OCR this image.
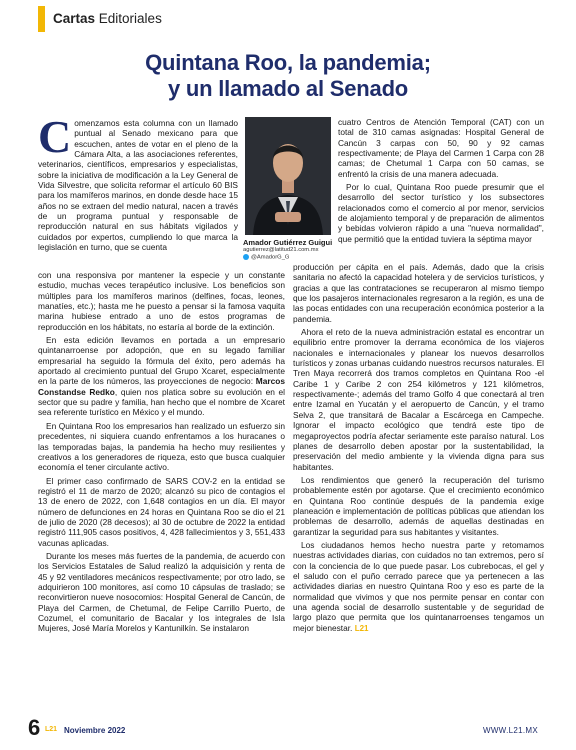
Cartas Editoriales
Quintana Roo, la pandemia;
y un llamado al Senado

Comenzamos esta columna con un llamado puntual al Senado mexicano para que escuchen, antes de votar en el pleno de la Cámara Alta, a las asociaciones referentes, veterinarios, científicos, empresarios y especialistas, sobre la iniciativa de modificación a la Ley General de Vida Silvestre, que solicita reformar el artículo 60 BIS para los mamíferos marinos, en donde desde hace 15 años no se extraen del medio natural, nacen a través de un programa puntual y responsable de reproducción natural en sus hábitats vigilados y cuidados por expertos, cumpliendo lo que marca la legislación en turno, que se cuenta	Amador Gutiérrez Guigui
agutierrez@latitud21.com.mx
@AmadorG_G

con una responsiva por mantener la especie y un constante estudio, muchas veces terapéutico inclusive. Los beneficios son múltiples para los mamíferos marinos (delfines, focas, leones, manatíes, etc.); hasta me he puesto a pensar si la famosa vaquita marina hubiese entrado a uno de estos programas de reproducción en los hábitats, no estaría al borde de la extinción.

En esta edición llevamos en portada a un empresario quintanarroense por adopción, que en su legado familiar empresarial ha seguido la fórmula del éxito, pero además ha aportado al crecimiento puntual del Grupo Xcaret, especialmente en la parte de los números, las proyecciones de negocio: Marcos Constandse Redko, quien nos platica sobre su evolución en el sector que su padre y familia, han hecho que el nombre de Xcaret sea referente turístico en México y el mundo.

En Quintana Roo los empresarios han realizado un esfuerzo sin precedentes, ni siquiera cuando enfrentamos a los huracanes o las temporadas bajas, la pandemia ha hecho muy resilientes y creativos a los generadores de riqueza, esto que busca cualquier economía el tener circulante activo.

El primer caso confirmado de SARS COV-2 en la entidad se registró el 11 de marzo de 2020; alcanzó su pico de contagios el 13 de enero de 2022, con 1,648 contagios en un día. El mayor número de defunciones en 24 horas en Quintana Roo se dio el 21 de julio de 2020 (28 decesos); al 30 de octubre de 2022 la entidad registró 111,905 casos positivos, 4, 428 fallecimientos y 3, 551,433 vacunas aplicadas.

Durante los meses más fuertes de la pandemia, de acuerdo con los Servicios Estatales de Salud realizó la adquisición y renta de 45 y 92 ventiladores mecánicos respectivamente; por otro lado, se adquirieron 100 monitores, así como 10 cápsulas de traslado; se reconvirtieron nueve nosocomios: Hospital General de Cancún, de Playa del Carmen, de Chetumal, de Felipe Carrillo Puerto, de Cozumel, el comunitario de Bacalar y los integrales de Isla Mujeres, José María Morelos y Kantunilkín. Se instalaron

cuatro Centros de Atención Temporal (CAT) con un total de 310 camas asignadas: Hospital General de Cancún 3 carpas con 50, 90 y 92 camas respectivamente; de Playa del Carmen 1 Carpa con 28 camas; de Chetumal 1 Carpa con 50 camas, se enfrentó la crisis de una manera adecuada.

Por lo cual, Quintana Roo puede presumir que el desarrollo del sector turístico y los subsectores relacionados como el comercio al por menor, servicios de alojamiento temporal y de preparación de alimentos y bebidas volvieron rápido a una "nueva normalidad", que permitió que la entidad tuviera la séptima mayor

producción per cápita en el país. Además, dado que la crisis sanitaria no afectó la capacidad hotelera y de servicios turísticos, y gracias a que las contrataciones se recuperaron al mismo tiempo que los pasajeros internacionales regresaron a la región, es una de las pocas entidades con una recuperación económica posterior a la pandemia.

Ahora el reto de la nueva administración estatal es encontrar un equilibrio entre promover la derrama económica de los viajeros nacionales e internacionales y planear los nuevos desarrollos turísticos y zonas urbanas cuidando nuestros recursos naturales. El Tren Maya recorrerá dos tramos completos en Quintana Roo -el Caribe 1 y Caribe 2 con 254 kilómetros y 121 kilómetros, respectivamente-; además del tramo Golfo 4 que conectará al tren entre Izamal en Yucatán y el aeropuerto de Cancún, y el tramo Selva 2, que transitará de Bacalar a Escárcega en Campeche. Ignorar el impacto ecológico que tendrá este tipo de megaproyectos podría afectar seriamente este paraíso natural. Los planes de desarrollo deben apostar por la sustentabilidad, la preservación del medio ambiente y la vivienda digna para sus habitantes.

Los rendimientos que generó la recuperación del turismo probablemente estén por agotarse. Que el crecimiento económico en Quintana Roo continúe después de la pandemia exige planeación e implementación de políticas públicas que atiendan los problemas de desarrollo, además de aquellas destinadas en garantizar la seguridad para sus habitantes y visitantes.

Los ciudadanos hemos hecho nuestra parte y retomamos nuestras actividades diarias, con cuidados no tan extremos, pero sí con la conciencia de lo que puede pasar. Los cubrebocas, el gel y el saludo con el puño cerrado parece que ya pertenecen a las actividades diarias en nuestro Quintana Roo y eso es parte de la normalidad que vivimos y que nos permite pensar en contar con una agenda social de desarrollo sustentable y de seguridad de largo plazo que permita que los quintanarroenses tengamos un mejor bienestar. L21

6 L21 Noviembre 2022	WWW.L21.MX
